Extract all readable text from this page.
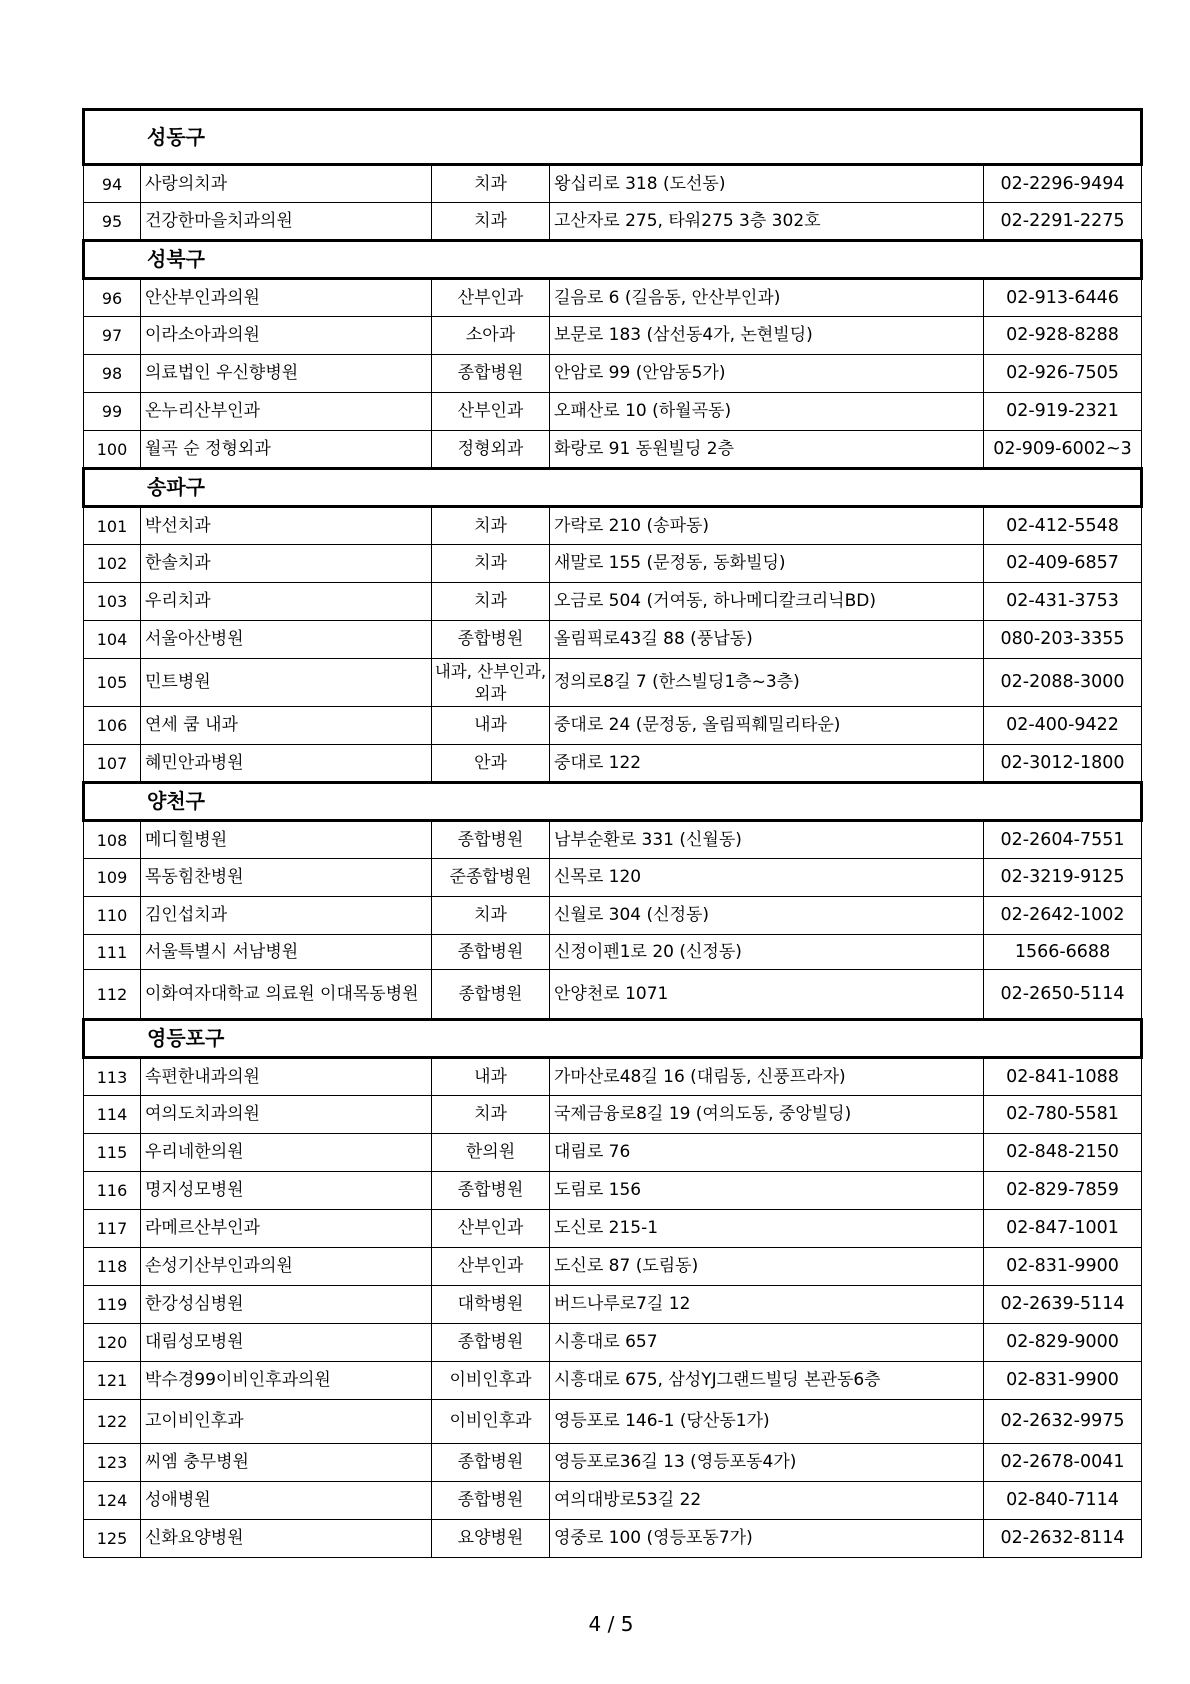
성동구				
94	사랑의치과	치과	왕십리로 318 (도선동)	02-2296-9494
95	건강한마을치과의원	치과	고산자로 275, 타워275 3층 302호	02-2291-2275
성북구				
96	안산부인과의원	산부인과	길음로 6 (길음동, 안산부인과)	02-913-6446
97	이라소아과의원	소아과	보문로 183 (삼선동4가, 논현빌딩)	02-928-8288
98	의료법인 우신향병원	종합병원	안암로 99 (안암동5가)	02-926-7505
99	온누리산부인과	산부인과	오패산로 10 (하월곡동)	02-919-2321
100	월곡 순 정형외과	정형외과	화랑로 91 동원빌딩 2층	02-909-6002~3
송파구				
101	박선치과	치과	가락로 210 (송파동)	02-412-5548
102	한솔치과	치과	새말로 155 (문정동, 동화빌딩)	02-409-6857
103	우리치과	치과	오금로 504 (거여동, 하나메디칼크리닉BD)	02-431-3753
104	서울아산병원	종합병원	올림픽로43길 88 (풍납동)	080-203-3355
105	민트병원	내과, 산부인과,외과	정의로8길 7 (한스빌딩1층~3층)	02-2088-3000
106	연세 쿰 내과	내과	중대로 24 (문정동, 올림픽훼밀리타운)	02-400-9422
107	혜민안과병원	안과	중대로 122	02-3012-1800
양천구				
108	메디힐병원	종합병원	남부순환로 331 (신월동)	02-2604-7551
109	목동힘찬병원	준종합병원	신목로 120	02-3219-9125
110	김인섭치과	치과	신월로 304 (신정동)	02-2642-1002
111	서울특별시 서남병원	종합병원	신정이펜1로 20 (신정동)	1566-6688
112	이화여자대학교 의료원 이대목동병원	종합병원	안양천로 1071	02-2650-5114
영등포구				
113	속편한내과의원	내과	가마산로48길 16 (대림동, 신풍프라자)	02-841-1088
114	여의도치과의원	치과	국제금융로8길 19 (여의도동, 중앙빌딩)	02-780-5581
115	우리네한의원	한의원	대림로 76	02-848-2150
116	명지성모병원	종합병원	도림로 156	02-829-7859
117	라메르산부인과	산부인과	도신로 215-1	02-847-1001
118	손성기산부인과의원	산부인과	도신로 87 (도림동)	02-831-9900
119	한강성심병원	대학병원	버드나루로7길 12	02-2639-5114
120	대림성모병원	종합병원	시흥대로 657	02-829-9000
121	박수경99이비인후과의원	이비인후과	시흥대로 675, 삼성YJ그랜드빌딩 본관동6층	02-831-9900
122	고이비인후과	이비인후과	영등포로 146-1 (당산동1가)	02-2632-9975
123	씨엠 충무병원	종합병원	영등포로36길 13 (영등포동4가)	02-2678-0041
124	성애병원	종합병원	여의대방로53길 22	02-840-7114
125	신화요양병원	요양병원	영중로 100 (영등포동7가)	02-2632-8114
4 / 5
